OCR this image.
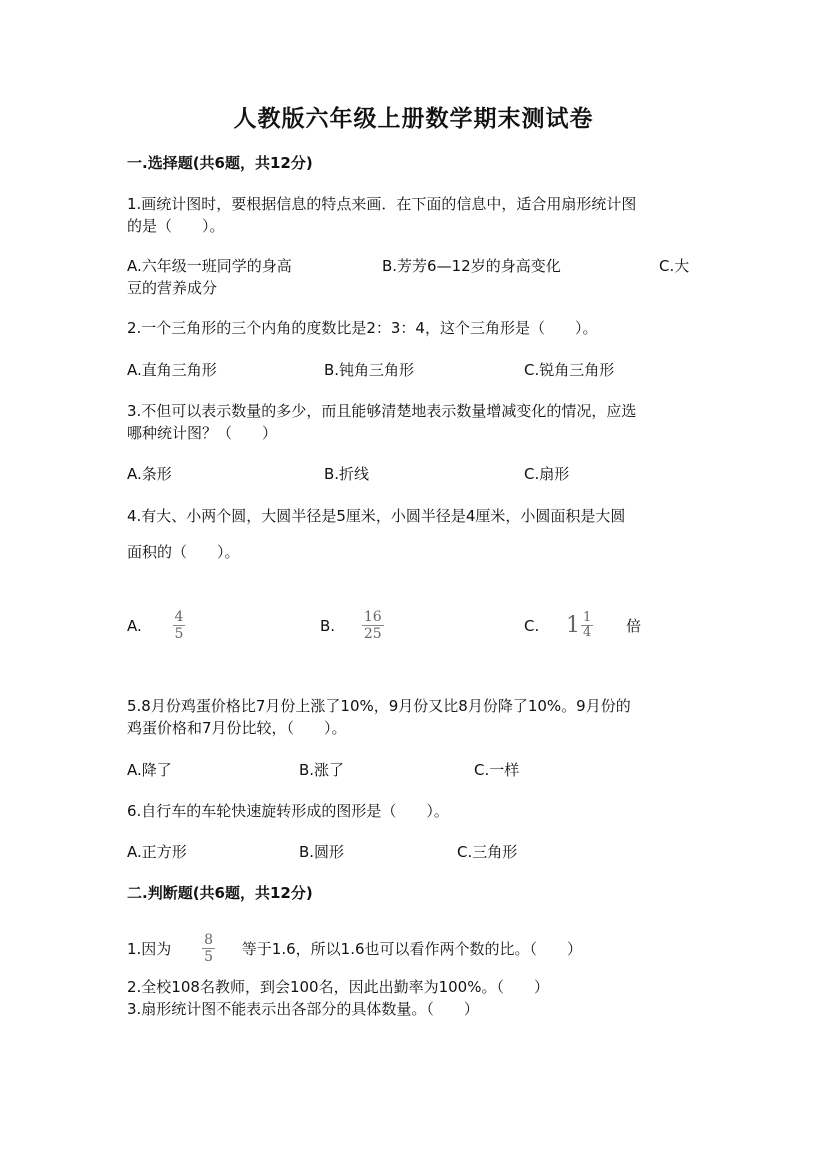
人教版六年级上册数学期末测试卷
一.选择题(共6题，共12分)
1.画统计图时，要根据信息的特点来画．在下面的信息中，适合用扇形统计图
的是（　　）。
A.六年级一班同学的身高	B.芳芳6—12岁的身高变化	C.大
豆的营养成分
2.一个三角形的三个内角的度数比是2：3：4，这个三角形是（　　）。
A.直角三角形	B.钝角三角形	C.锐角三角形
3.不但可以表示数量的多少，而且能够清楚地表示数量增减变化的情况，应选
哪种统计图？（　　）
A.条形	B.折线	C.扇形
4.有大、小两个圆，大圆半径是5厘米，小圆半径是4厘米，小圆面积是大圆
面积的（　　）。
A. $\frac{4}{5}$	B. $\frac{16}{25}$	C. $1 \frac{1}{4}$ 倍
5.8月份鸡蛋价格比7月份上涨了10%，9月份又比8月份降了10%。9月份的
鸡蛋价格和7月份比较，（　　）。
A.降了	B.涨了	C.一样
6.自行车的车轮快速旋转形成的图形是（　　）。
A.正方形	B.圆形	C.三角形
二.判断题(共6题，共12分)
1.因为 $\frac{8}{5}$ 等于1.6，所以1.6也可以看作两个数的比。（　　）
2.全校108名教师，到会100名，因此出勤率为100%。（　　）
3.扇形统计图不能表示出各部分的具体数量。（　　）
